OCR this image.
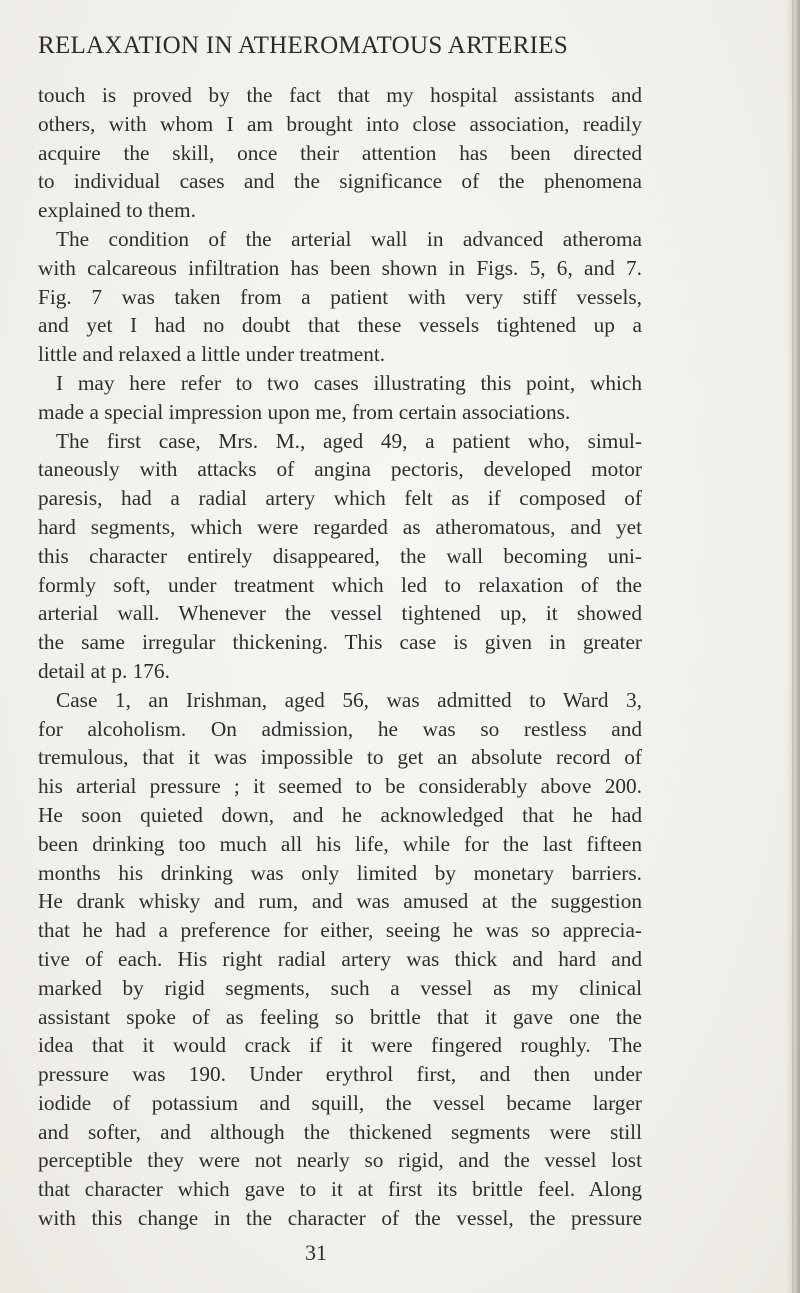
RELAXATION IN ATHEROMATOUS ARTERIES
touch is proved by the fact that my hospital assistants and
others, with whom I am brought into close association, readily
acquire the skill, once their attention has been directed
to individual cases and the significance of the phenomena
explained to them.
The condition of the arterial wall in advanced atheroma
with calcareous infiltration has been shown in Figs. 5, 6, and 7.
Fig. 7 was taken from a patient with very stiff vessels,
and yet I had no doubt that these vessels tightened up a
little and relaxed a little under treatment.
I may here refer to two cases illustrating this point, which
made a special impression upon me, from certain associations.
The first case, Mrs. M., aged 49, a patient who, simul-
taneously with attacks of angina pectoris, developed motor
paresis, had a radial artery which felt as if composed of
hard segments, which were regarded as atheromatous, and yet
this character entirely disappeared, the wall becoming uni-
formly soft, under treatment which led to relaxation of the
arterial wall. Whenever the vessel tightened up, it showed
the same irregular thickening. This case is given in greater
detail at p. 176.
Case 1, an Irishman, aged 56, was admitted to Ward 3,
for alcoholism. On admission, he was so restless and
tremulous, that it was impossible to get an absolute record of
his arterial pressure ; it seemed to be considerably above 200.
He soon quieted down, and he acknowledged that he had
been drinking too much all his life, while for the last fifteen
months his drinking was only limited by monetary barriers.
He drank whisky and rum, and was amused at the suggestion
that he had a preference for either, seeing he was so apprecia-
tive of each. His right radial artery was thick and hard and
marked by rigid segments, such a vessel as my clinical
assistant spoke of as feeling so brittle that it gave one the
idea that it would crack if it were fingered roughly. The
pressure was 190. Under erythrol first, and then under
iodide of potassium and squill, the vessel became larger
and softer, and although the thickened segments were still
perceptible they were not nearly so rigid, and the vessel lost
that character which gave to it at first its brittle feel. Along
with this change in the character of the vessel, the pressure
31
